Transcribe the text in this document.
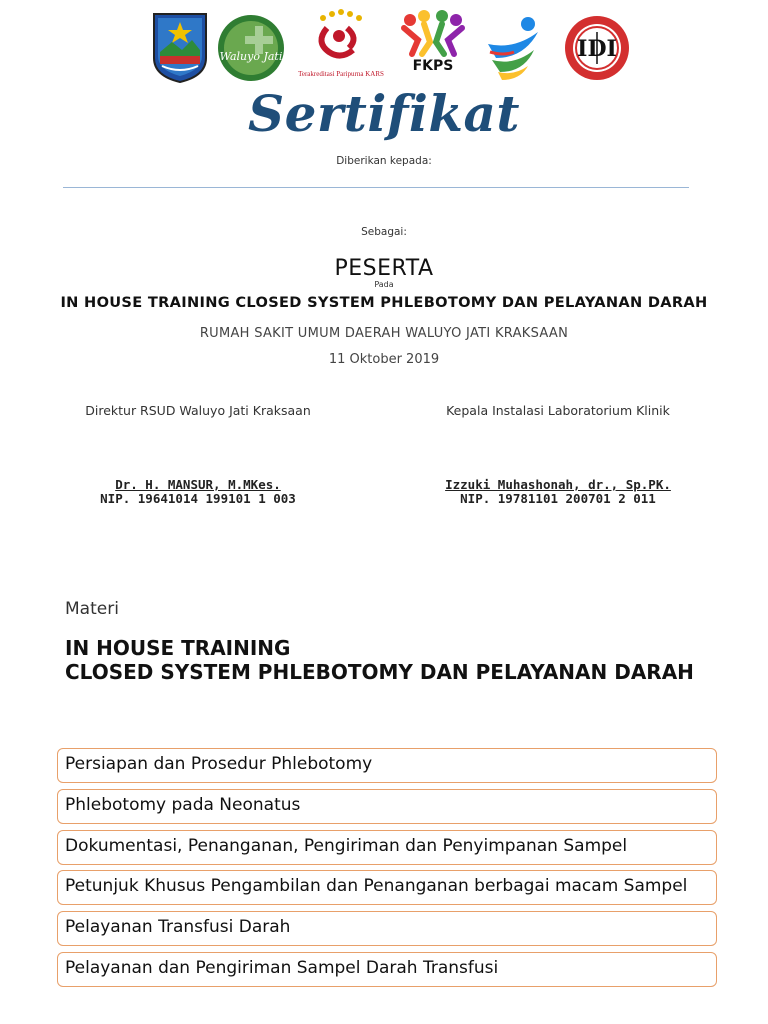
Waluyo Jati
Terakreditasi Paripurna KARS FKPS
IDI
Sertifikat
Diberikan kepada:
Sebagai:
PESERTA
Pada
IN HOUSE TRAINING CLOSED SYSTEM PHLEBOTOMY DAN PELAYANAN DARAH
RUMAH SAKIT UMUM DAERAH WALUYO JATI KRAKSAAN
11 Oktober 2019
Direktur RSUD Waluyo Jati Kraksaan	Kepala Instalasi Laboratorium Klinik
Dr. H. MANSUR, M.MKes.
NIP. 19641014 199101 1 003
Izzuki Muhashonah, dr., Sp.PK.
NIP. 19781101 200701 2 011
Materi
IN HOUSE TRAINING
CLOSED SYSTEM PHLEBOTOMY DAN PELAYANAN DARAH
Persiapan dan Prosedur Phlebotomy
Phlebotomy pada Neonatus
Dokumentasi, Penanganan, Pengiriman dan Penyimpanan Sampel
Petunjuk Khusus Pengambilan dan Penanganan berbagai macam Sampel
Pelayanan Transfusi Darah
Pelayanan dan Pengiriman Sampel Darah Transfusi
